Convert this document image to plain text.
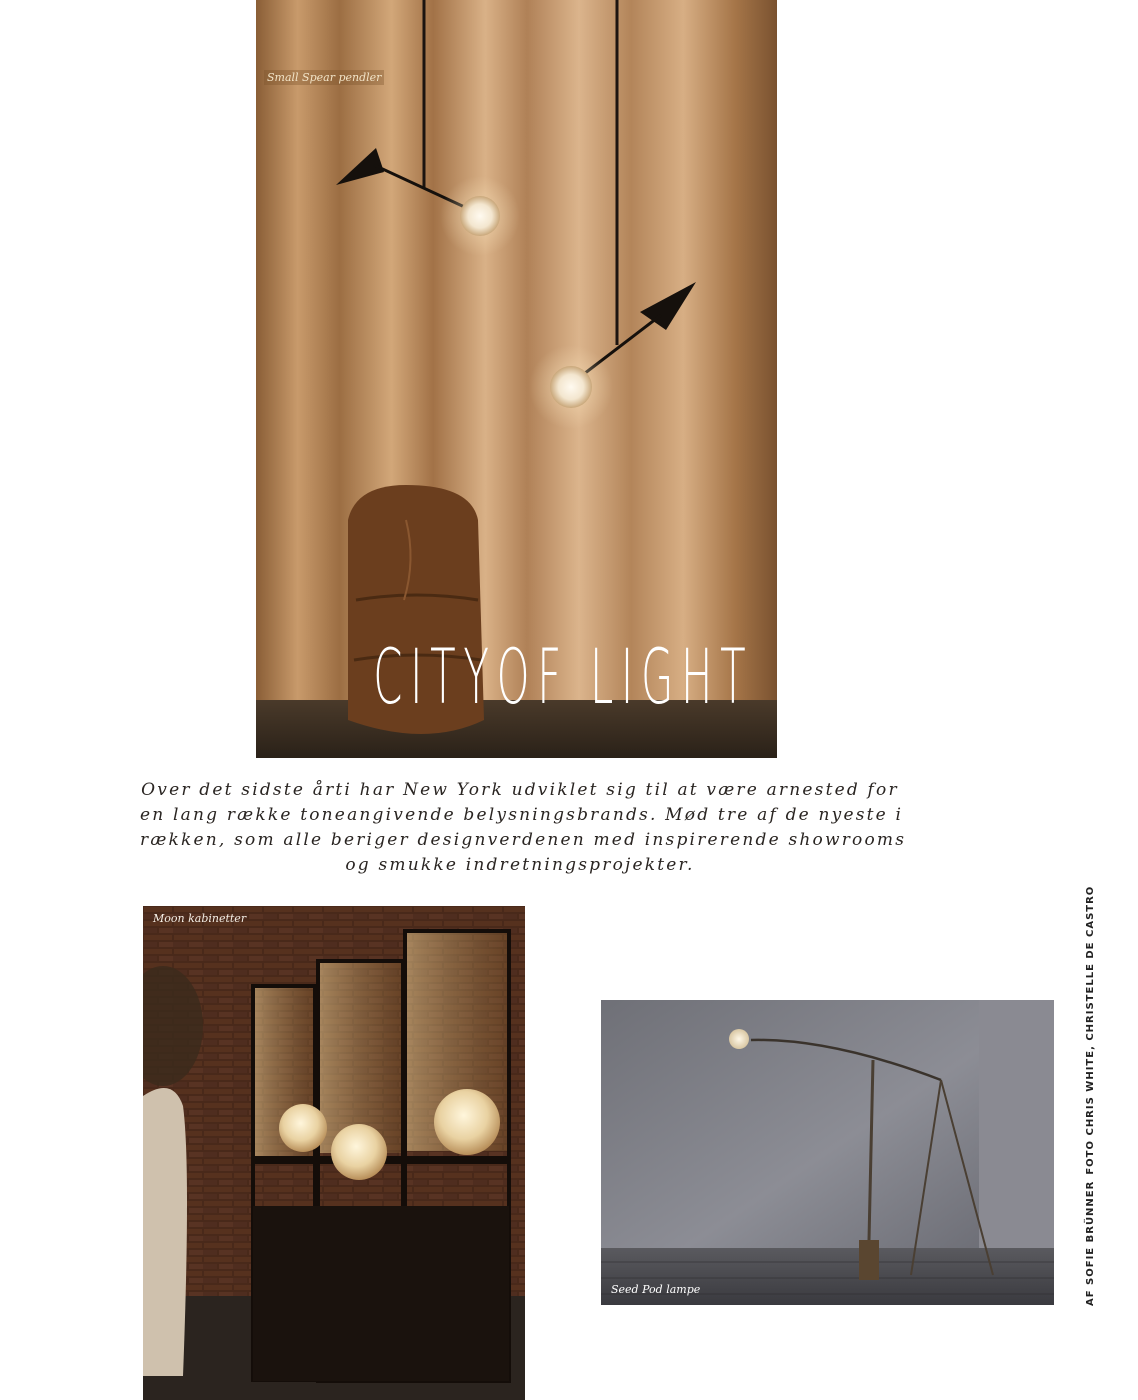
Small Spear pendler
CITYOF LIGHT
Over det sidste årti har New York udviklet sig til at være arnested for
en lang række toneangivende belysningsbrands. Mød tre af de nyeste i
rækken, som alle beriger designverdenen med inspirerende showrooms
og smukke indretningsprojekter.
Moon kabinetter
Seed Pod lampe	AF SOFIE BRÜNNERFOTO CHRIS WHITE, CHRISTELLE DE CASTRO
